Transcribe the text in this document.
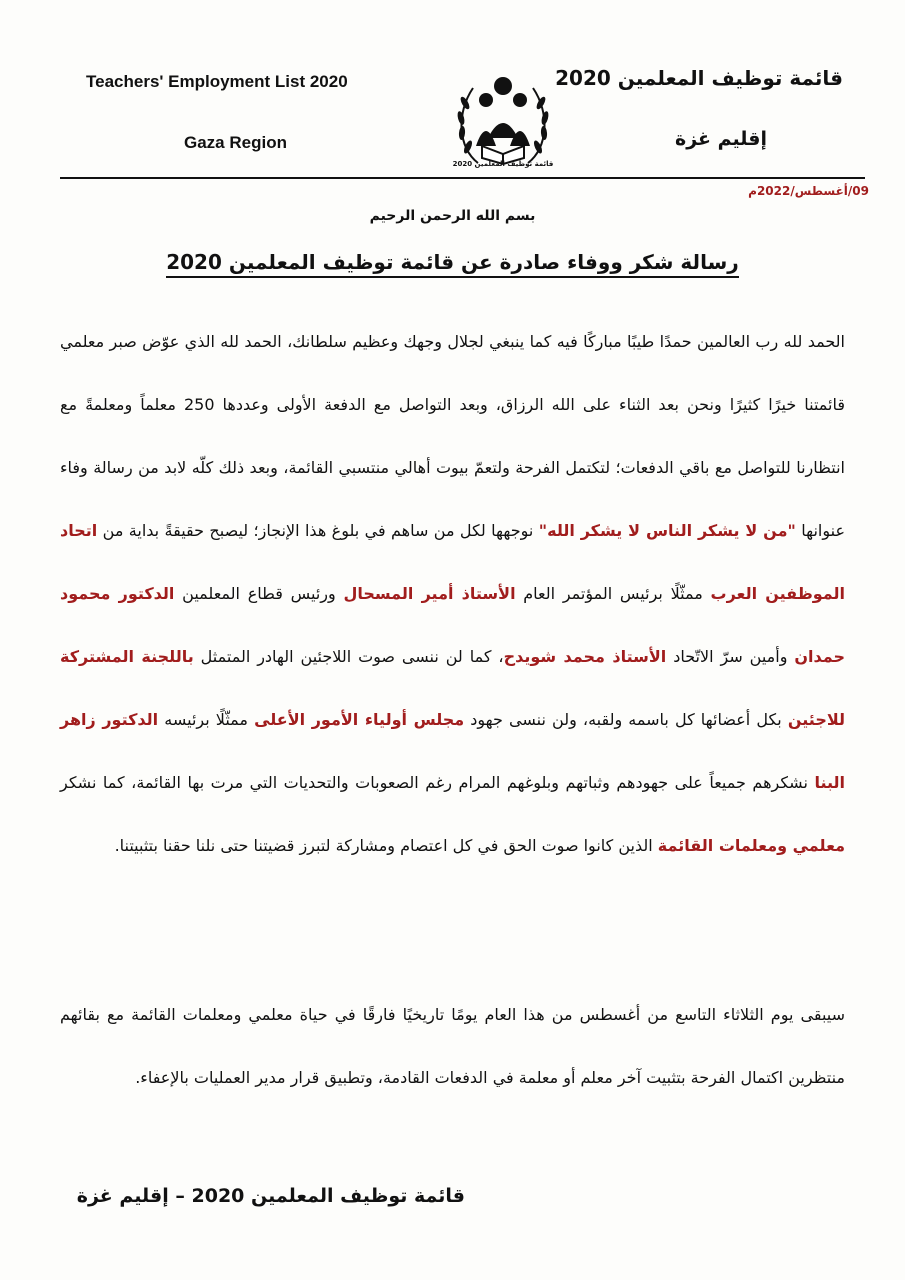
Teachers' Employment List 2020
Gaza Region
قائمة توظيف المعلمين 2020
إقليم غزة
قائمة توظيف المعلمين 2020
09/أغسطس/2022م
بسم الله الرحمن الرحيم
رسالة شكر ووفاء صادرة عن قائمة توظيف المعلمين 2020

الحمد لله رب العالمين حمدًا طيبًا مباركًا فيه كما ينبغي لجلال وجهك وعظيم سلطانك، الحمد لله الذي عوّض صبر معلمي قائمتنا خيرًا كثيرًا ونحن بعد الثناء على الله الرزاق، وبعد التواصل مع الدفعة الأولى وعددها 250 معلماً ومعلمةً مع انتظارنا للتواصل مع باقي الدفعات؛ لتكتمل الفرحة ولتعمّ بيوت أهالي منتسبي القائمة، وبعد ذلك كلّه لابد من رسالة وفاء عنوانها "من لا يشكر الناس لا يشكر الله" نوجهها لكل من ساهم في بلوغ هذا الإنجاز؛ ليصبح حقيقةً بداية من اتحاد الموظفين العرب ممثّلًا برئيس المؤتمر العام الأستاذ أمير المسحال ورئيس قطاع المعلمين الدكتور محمود حمدان وأمين سرّ الاتّحاد الأستاذ محمد شويدح، كما لن ننسى صوت اللاجئين الهادر المتمثل باللجنة المشتركة للاجئين بكل أعضائها كل باسمه ولقبه، ولن ننسى جهود مجلس أولياء الأمور الأعلى ممثّلًا برئيسه الدكتور زاهر البنا نشكرهم جميعاً على جهودهم وثباتهم وبلوغهم المرام رغم الصعوبات والتحديات التي مرت بها القائمة، كما نشكر معلمي ومعلمات القائمة الذين كانوا صوت الحق في كل اعتصام ومشاركة لتبرز قضيتنا حتى نلنا حقنا بتثبيتنا.

سيبقى يوم الثلاثاء التاسع من أغسطس من هذا العام يومًا تاريخيًا فارقًا في حياة معلمي ومعلمات القائمة مع بقائهم منتظرين اكتمال الفرحة بتثبيت آخر معلم أو معلمة في الدفعات القادمة، وتطبيق قرار مدير العمليات بالإعفاء.

قائمة توظيف المعلمين 2020 – إقليم غزة
